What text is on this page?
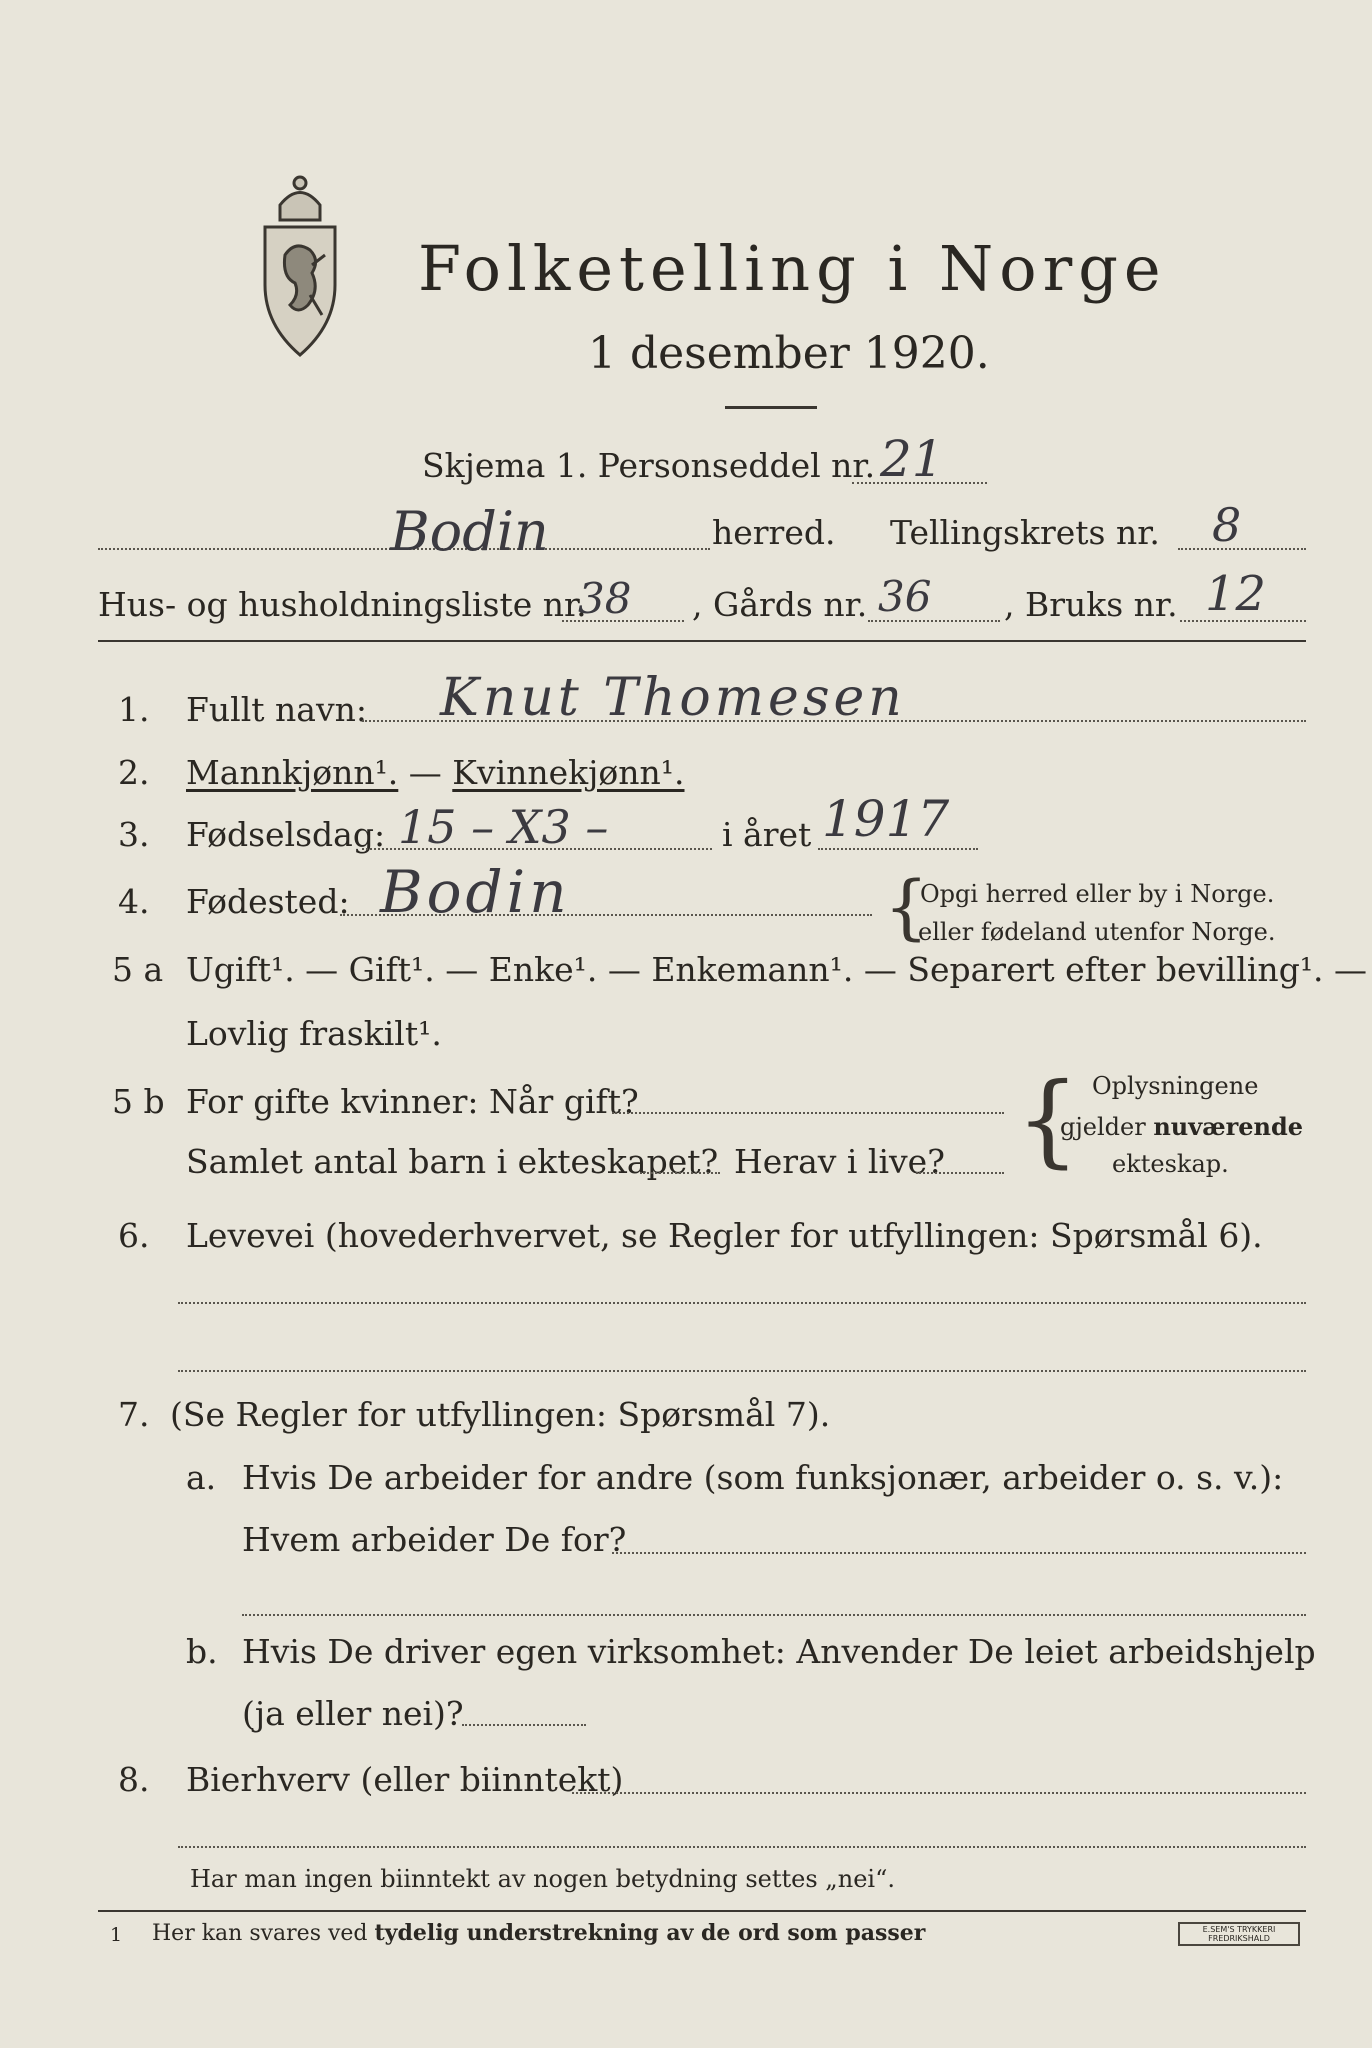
Folketelling i Norge
1 desember 1920.
Skjema 1. Personseddel nr. 21
Bodin	herred. Tellingskrets nr. 8
Hus- og husholdningsliste nr.
38 , Gårds nr. 36 , Bruks nr. 12
1. Fullt navn: Knut Thomesen
2. Mannkjønn¹. — Kvinnekjønn¹.
3. Fødselsdag: 15 – X3 –	i året 1917
4. Fødested: Bodin	{
Opgi herred eller by i Norge.
eller fødeland utenfor Norge.
5 a Ugift¹. — Gift¹. — Enke¹. — Enkemann¹. — Separert efter bevilling¹. —
Lovlig fraskilt¹.
5 b For gifte kvinner: Når gift?
Samlet antal barn i ekteskapet? Herav i live? { Oplysningene
gjelder nuværende
ekteskap.
6. Levevei (hovederhvervet, se Regler for utfyllingen: Spørsmål 6).
7. (Se Regler for utfyllingen: Spørsmål 7).
a. Hvis De arbeider for andre (som funksjonær, arbeider o. s. v.):
Hvem arbeider De for?
b. Hvis De driver egen virksomhet: Anvender De leiet arbeidshjelp
(ja eller nei)?
8. Bierhverv (eller biinntekt)
Har man ingen biinntekt av nogen betydning settes „nei“.
1 Her kan svares ved tydelig understrekning av de ord som passer	E.SEM'S TRYKKERI
FREDRIKSHALD
